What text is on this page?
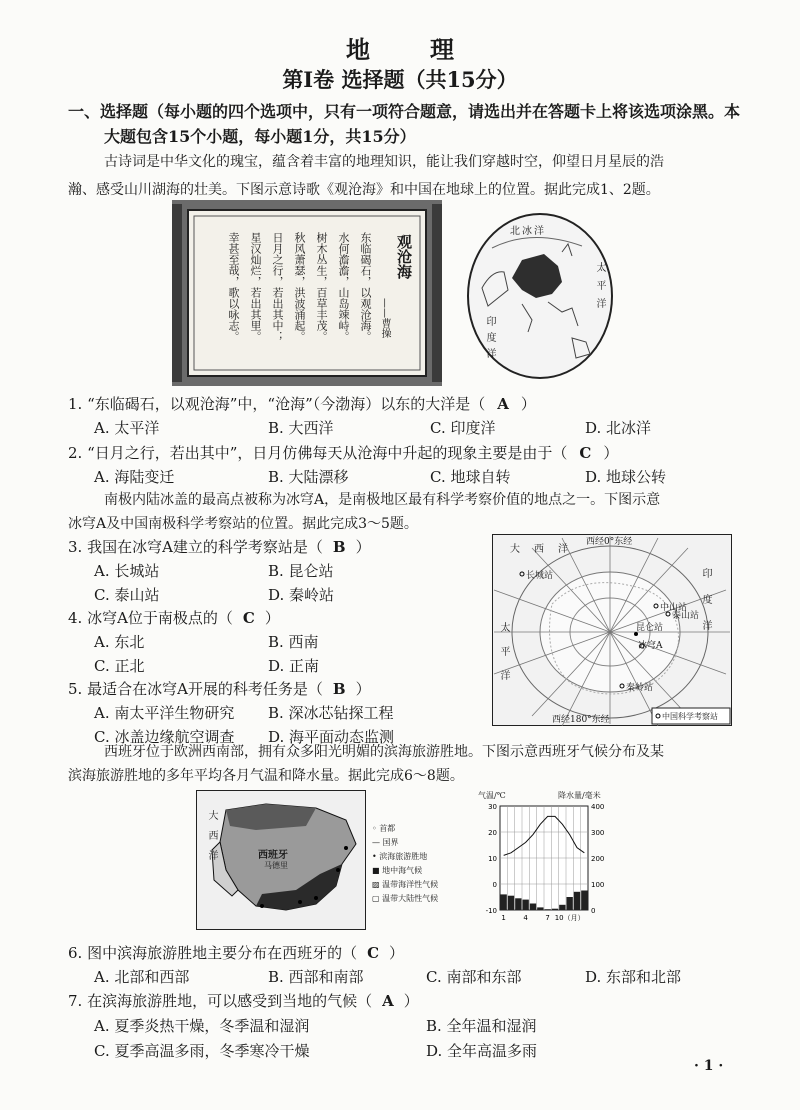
地理
第Ⅰ卷 选择题（共15分）
一、选择题（每小题的四个选项中，只有一项符合题意，请选出并在答题卡上将该选项涂黑。本
大题包含15个小题，每小题1分，共15分）
古诗词是中华文化的瑰宝，蕴含着丰富的地理知识，能让我们穿越时空，仰望日月星辰的浩
瀚、感受山川湖海的壮美。下图示意诗歌《观沧海》和中国在地球上的位置。据此完成1、2题。
观沧海
——曹操
东临碣石，以观沧海。
水何澹澹，山岛竦峙。
树木丛生，百草丰茂。
秋风萧瑟，洪波涌起。
日月之行，若出其中；
星汉灿烂，若出其里。
幸甚至哉，歌以咏志。
北冰洋
太平洋
印度洋
1. “东临碣石，以观沧海”中，“沧海”（今渤海）以东的大洋是（ A ）
A. 太平洋	B. 大西洋	C. 印度洋	D. 北冰洋
2. “日月之行，若出其中”，日月仿佛每天从沧海中升起的现象主要是由于（ C ）
A. 海陆变迁	B. 大陆漂移	C. 地球自转	D. 地球公转
南极内陆冰盖的最高点被称为冰穹A，是南极地区最有科学考察价值的地点之一。下图示意
冰穹A及中国南极科学考察站的位置。据此完成3～5题。
3. 我国在冰穹A建立的科学考察站是（ B ）
A. 长城站	B. 昆仑站
C. 泰山站	D. 秦岭站
4. 冰穹A位于南极点的（ C ）
A. 东北	B. 西南
C. 正北	D. 正南
5. 最适合在冰穹A开展的科考任务是（ B ）
A. 南太平洋生物研究 B. 深冰芯钻探工程
C. 冰盖边缘航空调查 D. 海平面动态监测
西经0°东经
西经180°东经
大西洋
印度洋
太平洋
长城站
泰山站
昆仑站
中山站
秦岭站
冰穹A
中国科学考察站
西班牙位于欧洲西南部，拥有众多阳光明媚的滨海旅游胜地。下图示意西班牙气候分布及某
滨海旅游胜地的多年平均各月气温和降水量。据此完成6～8题。
大西洋	西班牙
马德里
◦ 首都
— 国界
• 滨海旅游胜地
■ 地中海气候
▨ 温带海洋性气候
▢ 温带大陆性气候
气温/℃	降水量/毫米
30
20
10
0
-10
400
300
200
100
0
1	4	7 10（月）
6. 图中滨海旅游胜地主要分布在西班牙的（ C ）
A. 北部和西部	B. 西部和南部	C. 南部和东部	D. 东部和北部
7. 在滨海旅游胜地，可以感受到当地的气候（ A ）
A. 夏季炎热干燥，冬季温和湿润	B. 全年温和湿润
C. 夏季高温多雨，冬季寒冷干燥	D. 全年高温多雨
· 1 ·
